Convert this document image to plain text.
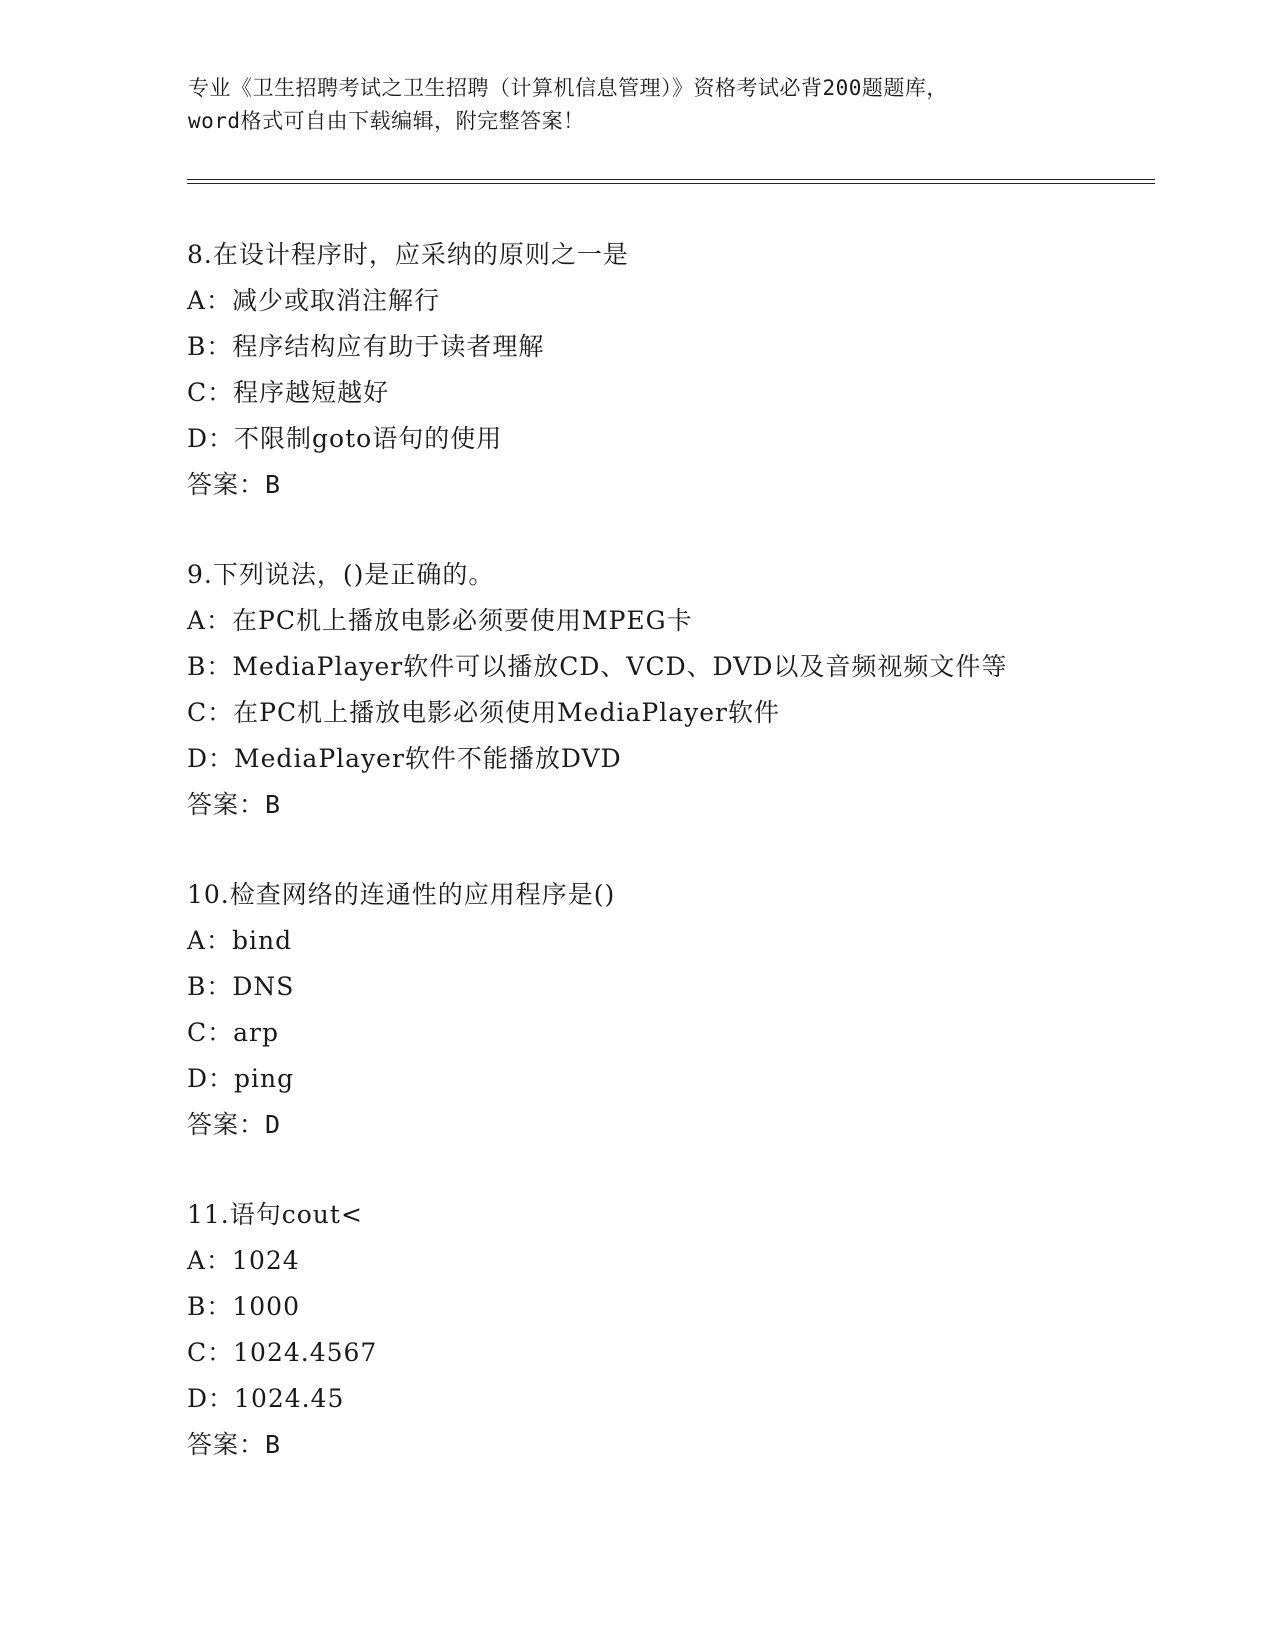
专业《卫生招聘考试之卫生招聘（计算机信息管理）》资格考试必背200题题库，
word格式可自由下载编辑，附完整答案！
8.在设计程序时，应采纳的原则之一是
A：减少或取消注解行
B：程序结构应有助于读者理解
C：程序越短越好
D：不限制goto语句的使用
答案：B
9.下列说法，()是正确的。
A：在PC机上播放电影必须要使用MPEG卡
B：MediaPlayer软件可以播放CD、VCD、DVD以及音频视频文件等
C：在PC机上播放电影必须使用MediaPlayer软件
D：MediaPlayer软件不能播放DVD
答案：B
10.检查网络的连通性的应用程序是()
A：bind
B：DNS
C：arp
D：ping
答案：D
11.语句cout<
A：1024
B：1000
C：1024.4567
D：1024.45
答案：B
